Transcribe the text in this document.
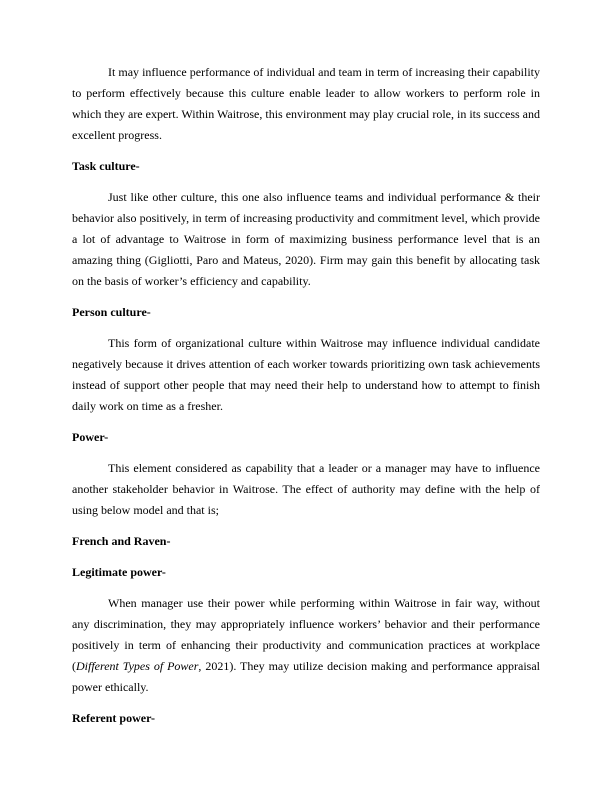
It may influence performance of individual and team in term of increasing their capability to perform effectively because this culture enable leader to allow workers to perform role in which they are expert. Within Waitrose, this environment may play crucial role, in its success and excellent progress.

Task culture-

Just like other culture, this one also influence teams and individual performance & their behavior also positively, in term of increasing productivity and commitment level, which provide a lot of advantage to Waitrose in form of maximizing business performance level that is an amazing thing (Gigliotti, Paro and Mateus, 2020). Firm may gain this benefit by allocating task on the basis of worker’s efficiency and capability.

Person culture-

This form of organizational culture within Waitrose may influence individual candidate negatively because it drives attention of each worker towards prioritizing own task achievements instead of support other people that may need their help to understand how to attempt to finish daily work on time as a fresher.

Power-

This element considered as capability that a leader or a manager may have to influence another stakeholder behavior in Waitrose. The effect of authority may define with the help of using below model and that is;

French and Raven-

Legitimate power-

When manager use their power while performing within Waitrose in fair way, without any discrimination, they may appropriately influence workers’ behavior and their performance positively in term of enhancing their productivity and communication practices at workplace (Different Types of Power, 2021). They may utilize decision making and performance appraisal power ethically.

Referent power-
